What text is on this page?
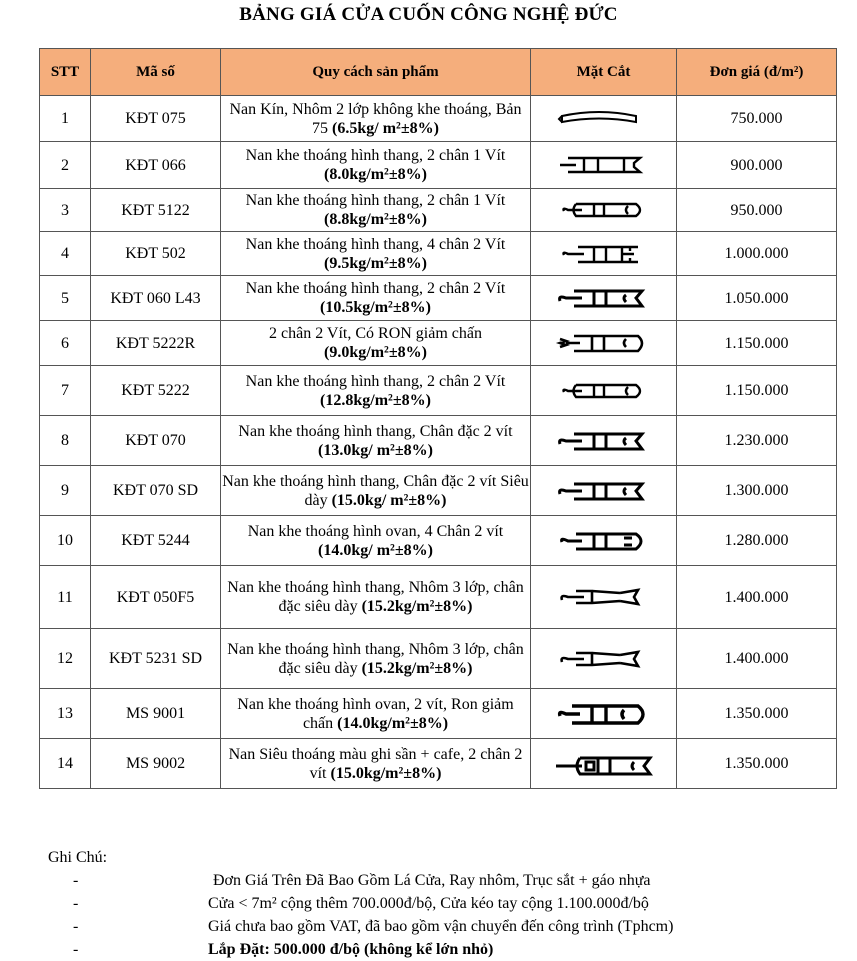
BẢNG GIÁ CỬA CUỐN CÔNG NGHỆ ĐỨC
STT	Mã số	Quy cách sản phẩm	Mặt Cắt	Đơn giá (đ/m²)
1	KĐT 075	Nan Kín, Nhôm 2 lớp không khe thoáng, Bản 75 (6.5kg/ m²±8%)		750.000
2	KĐT 066	Nan khe thoáng hình thang, 2 chân 1 Vít (8.0kg/m²±8%)		900.000
3	KĐT 5122	Nan khe thoáng hình thang, 2 chân 1 Vít (8.8kg/m²±8%)		950.000
4	KĐT 502	Nan khe thoáng hình thang, 4 chân 2 Vít (9.5kg/m²±8%)		1.000.000
5	KĐT 060 L43	Nan khe thoáng hình thang, 2 chân 2 Vít (10.5kg/m²±8%)		1.050.000
6	KĐT 5222R	2 chân 2 Vít, Có RON giảm chấn (9.0kg/m²±8%)		1.150.000
7	KĐT 5222	Nan khe thoáng hình thang, 2 chân 2 Vít (12.8kg/m²±8%)		1.150.000
8	KĐT 070	Nan khe thoáng hình thang, Chân đặc 2 vít (13.0kg/ m²±8%)		1.230.000
9	KĐT 070 SD	Nan khe thoáng hình thang, Chân đặc 2 vít Siêu dày (15.0kg/ m²±8%)		1.300.000
10	KĐT 5244	Nan khe thoáng hình ovan, 4 Chân 2 vít (14.0kg/ m²±8%)		1.280.000
11	KĐT 050F5	Nan khe thoáng hình thang, Nhôm 3 lớp, chân đặc siêu dày (15.2kg/m²±8%)		1.400.000
12	KĐT 5231 SD	Nan khe thoáng hình thang, Nhôm 3 lớp, chân đặc siêu dày (15.2kg/m²±8%)		1.400.000
13	MS 9001	Nan khe thoáng hình ovan, 2 vít, Ron giảm chấn (14.0kg/m²±8%)		1.350.000
14	MS 9002	Nan Siêu thoáng màu ghi sần + cafe, 2 chân 2 vít (15.0kg/m²±8%)		1.350.000
Ghi Chú:
-	Đơn Giá Trên Đã Bao Gồm Lá Cửa, Ray nhôm, Trục sắt + gáo nhựa
-	Cửa < 7m² cộng thêm 700.000đ/bộ, Cửa kéo tay cộng 1.100.000đ/bộ
-	Giá chưa bao gồm VAT, đã bao gồm vận chuyển đến công trình (Tphcm)
-	Lắp Đặt: 500.000 đ/bộ (không kể lớn nhỏ)
